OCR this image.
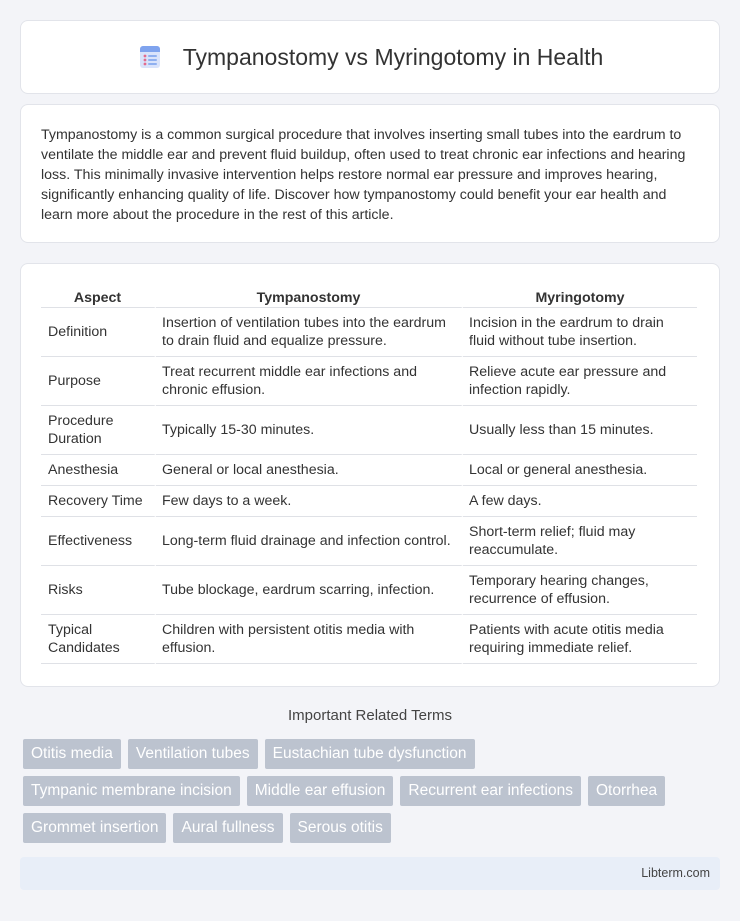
Tympanostomy vs Myringotomy in Health

Tympanostomy is a common surgical procedure that involves inserting small tubes into the eardrum to ventilate the middle ear and prevent fluid buildup, often used to treat chronic ear infections and hearing loss. This minimally invasive intervention helps restore normal ear pressure and improves hearing, significantly enhancing quality of life. Discover how tympanostomy could benefit your ear health and learn more about the procedure in the rest of this article.

Aspect	Tympanostomy	Myringotomy
Definition	Insertion of ventilation tubes into the eardrum to drain fluid and equalize pressure.	Incision in the eardrum to drain fluid without tube insertion.
Purpose	Treat recurrent middle ear infections and chronic effusion.	Relieve acute ear pressure and infection rapidly.
Procedure Duration	Typically 15-30 minutes.	Usually less than 15 minutes.
Anesthesia	General or local anesthesia.	Local or general anesthesia.
Recovery Time	Few days to a week.	A few days.
Effectiveness	Long-term fluid drainage and infection control.	Short-term relief; fluid may reaccumulate.
Risks	Tube blockage, eardrum scarring, infection.	Temporary hearing changes, recurrence of effusion.
Typical Candidates	Children with persistent otitis media with effusion.	Patients with acute otitis media requiring immediate relief.
Important Related Terms
Otitis media	Ventilation tubes	Eustachian tube dysfunction
Tympanic membrane incision	Middle ear effusion	Recurrent ear infections	Otorrhea
Grommet insertion	Aural fullness	Serous otitis
Libterm.com
